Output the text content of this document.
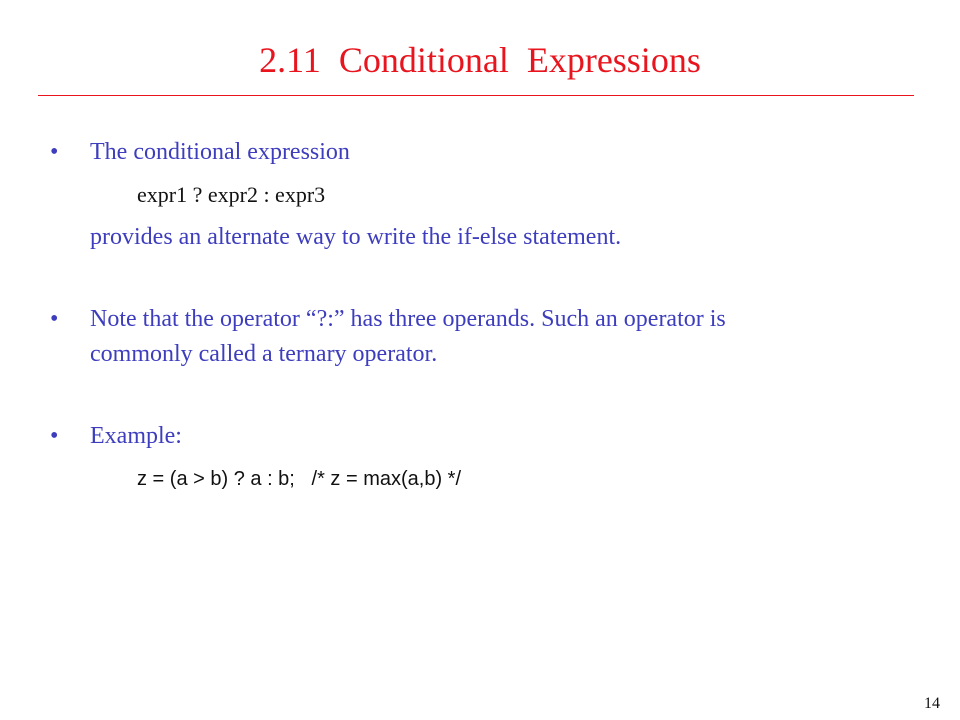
2.11  Conditional  Expressions
• The conditional expression
expr1 ? expr2 : expr3
provides an alternate way to write the if-else statement.
• Note that the operator “?:” has three operands. Such an operator is
commonly called a ternary operator.
• Example:
z = (a > b) ? a : b;   /* z = max(a,b) */
14
